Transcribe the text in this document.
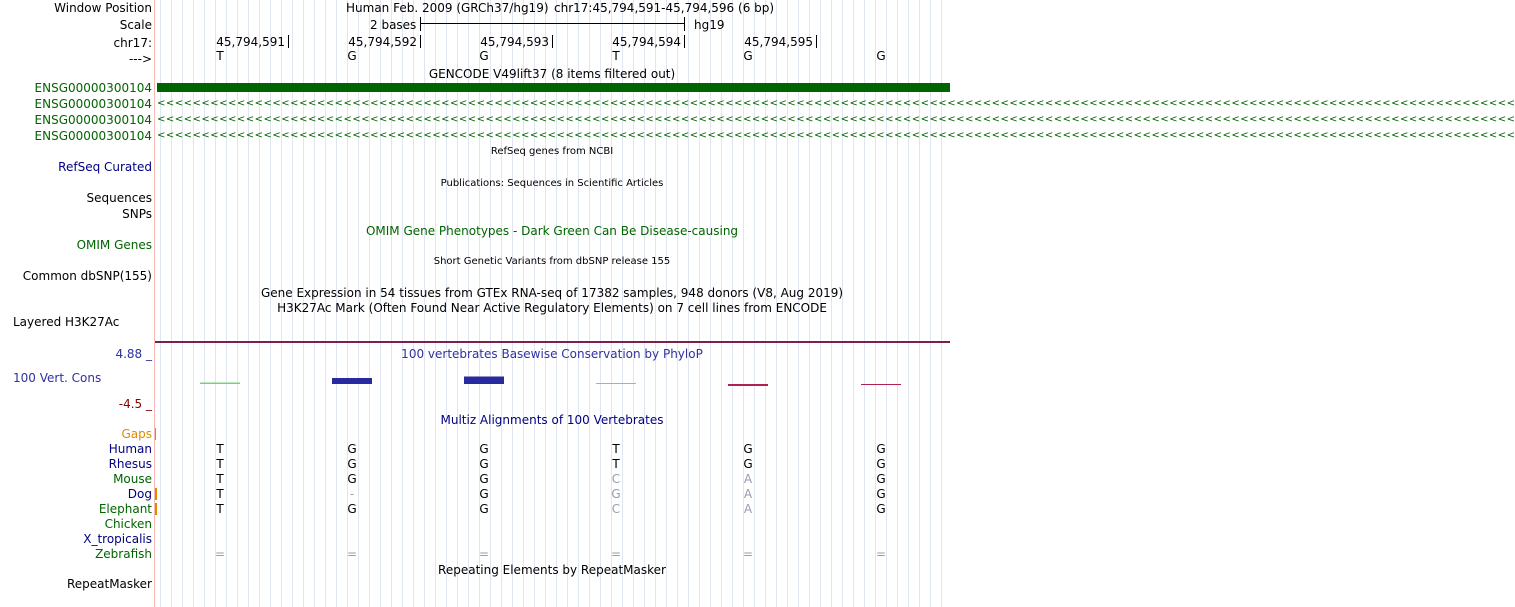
Window Position
Scale
chr17:
--->
Human Feb. 2009 (GRCh37/hg19) chr17:45,794,591-45,794,596 (6 bp)
2 bases	hg19
45,794,591	45,794,592	45,794,593	45,794,594	45,794,595
T	G	G	T	G	G
GENCODE V49lift37 (8 items filtered out)
ENSG00000300104
ENSG00000300104
ENSG00000300104
ENSG00000300104
<<<<<<<<<<<<<<<<<<<<<<<<<<<<<<<<<<<<<<<<<<<<<<<<<<<<<<<<<<<<<<<<<<<<<<<<<<<<<<<<<<<<<<<<<<<<<<<<<<<<<<<<<<<<<<<<<<<<<<<<<<<<<<<<<<<<<<<<<<<<<<<<<<<<<<<<<
<<<<<<<<<<<<<<<<<<<<<<<<<<<<<<<<<<<<<<<<<<<<<<<<<<<<<<<<<<<<<<<<<<<<<<<<<<<<<<<<<<<<<<<<<<<<<<<<<<<<<<<<<<<<<<<<<<<<<<<<<<<<<<<<<<<<<<<<<<<<<<<<<<<<<<<<<
<<<<<<<<<<<<<<<<<<<<<<<<<<<<<<<<<<<<<<<<<<<<<<<<<<<<<<<<<<<<<<<<<<<<<<<<<<<<<<<<<<<<<<<<<<<<<<<<<<<<<<<<<<<<<<<<<<<<<<<<<<<<<<<<<<<<<<<<<<<<<<<<<<<<<<<<<
RefSeq genes from NCBI
RefSeq Curated
Publications: Sequences in Scientific Articles
Sequences
SNPs
OMIM Gene Phenotypes - Dark Green Can Be Disease-causing
OMIM Genes
Short Genetic Variants from dbSNP release 155
Common dbSNP(155)
Gene Expression in 54 tissues from GTEx RNA-seq of 17382 samples, 948 donors (V8, Aug 2019)
H3K27Ac Mark (Often Found Near Active Regulatory Elements) on 7 cell lines from ENCODE
Layered H3K27Ac
4.88 _	100 vertebrates Basewise Conservation by PhyloP
100 Vert. Cons
-4.5 _
Multiz Alignments of 100 Vertebrates
Gaps
Human	T	G	G	T	G	G
Rhesus	T	G	G	T	G	G
Mouse	T	G	G	C	A	G
Dog	T	-	G	G	A	G
Elephant	T	G	G	C	A	G
Chicken
X_tropicalis
Zebrafish	=	=	=	=	=	=
Repeating Elements by RepeatMasker
RepeatMasker
